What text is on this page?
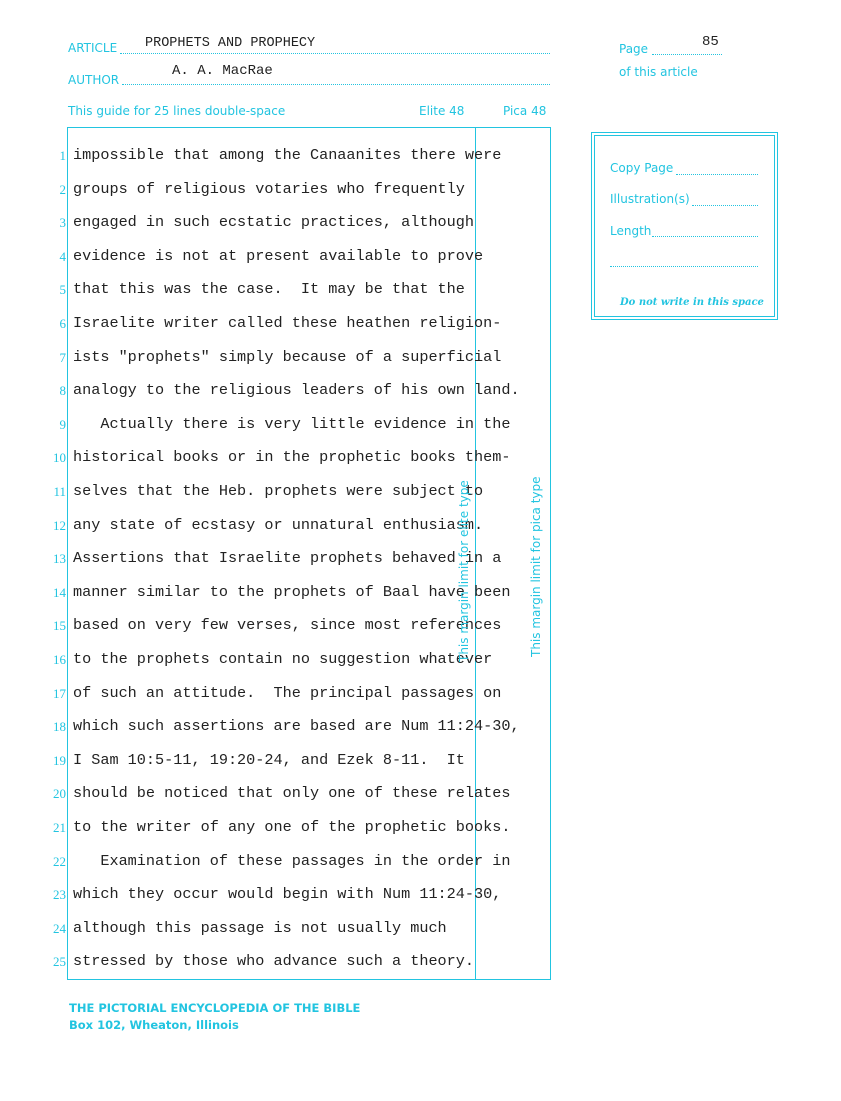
ARTICLE PROPHETS AND PROPHECY
AUTHOR
A. A. MacRae
Page	85
of this article
This guide for 25 lines double-space	Elite 48	Pica 48
1
2
3
4
5
6
7
8
9
10
11
12
13
14
15
16
17
18
19
20
21
22
23
24
25
impossible that among the Canaanites there were
groups of religious votaries who frequently
engaged in such ecstatic practices, although
evidence is not at present available to prove
that this was the case.  It may be that the
Israelite writer called these heathen religion-
ists "prophets" simply because of a superficial
analogy to the religious leaders of his own land.
Actually there is very little evidence in the
historical books or in the prophetic books them-
selves that the Heb. prophets were subject to
any state of ecstasy or unnatural enthusiasm.
Assertions that Israelite prophets behaved in a
manner similar to the prophets of Baal have been
based on very few verses, since most references
to the prophets contain no suggestion whatever
of such an attitude.  The principal passages on
which such assertions are based are Num 11:24-30,
I Sam 10:5-11, 19:20-24, and Ezek 8-11.  It
should be noticed that only one of these relates
to the writer of any one of the prophetic books.
Examination of these passages in the order in
which they occur would begin with Num 11:24-30,
although this passage is not usually much
stressed by those who advance such a theory.
This margin limit for elite type	This margin limit for pica type
Copy Page
Illustration(s)
Length
Do not write in this space
THE PICTORIAL ENCYCLOPEDIA OF THE BIBLE
Box 102, Wheaton, Illinois
